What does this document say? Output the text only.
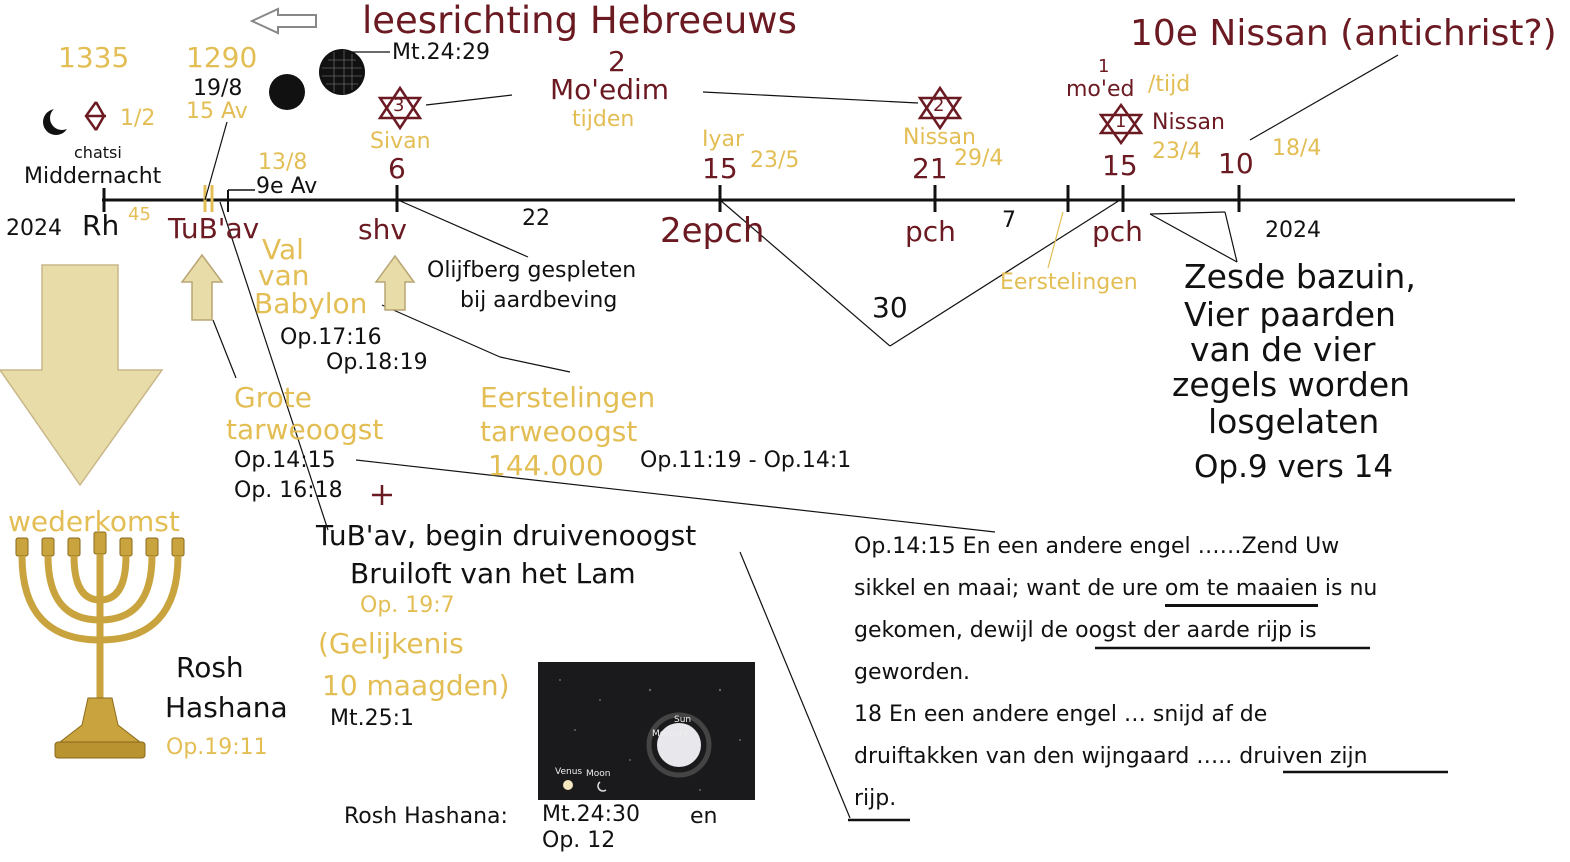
leesrichting Hebreeuws	10e Nissan (antichrist?)
1335 1290
19/8
15 Av
1/2
chatsi
Middernacht
Mt.24:29	2
Mo'edim
tijden
1
mo'ed /tijd
3	2
1
Sivan	Nissan
Nissan
Iyar
13/8
9e Av
6	15 23/5	21 29/4	15 23/4 10 18/4
2024 Rh 45 TuB'av	shv	22	2epch	pch 7	pch	2024
30
Eerstelingen
Val
van
Babylon
Op.17:16
Op.18:19
Olijfberg gespleten
bij aardbeving
Grote
tarweoogst
Op.14:15
Op. 16:18
Eerstelingen
tarweoogst
144.000 Op.11:19 - Op.14:1
wederkomst
Rosh
Hashana
Op.19:11
TuB'av, begin druivenoogst
Bruiloft van het Lam
Op. 19:7
(Gelijkenis
10 maagden)
Mt.25:1
Rosh Hashana: Mt.24:30 en
Op. 12
Sun
Mercury
Venus Moon
Zesde bazuin,
Vier paarden
van de vier
zegels worden
losgelaten
Op.9 vers 14
Op.14:15 En een andere engel ……Zend Uw
sikkel en maai; want de ure om te maaien is nu
gekomen, dewijl de oogst der aarde rijp is
geworden.
18 En een andere engel … snijd af de
druiftakken van den wijngaard ….. druiven zijn
rijp.
